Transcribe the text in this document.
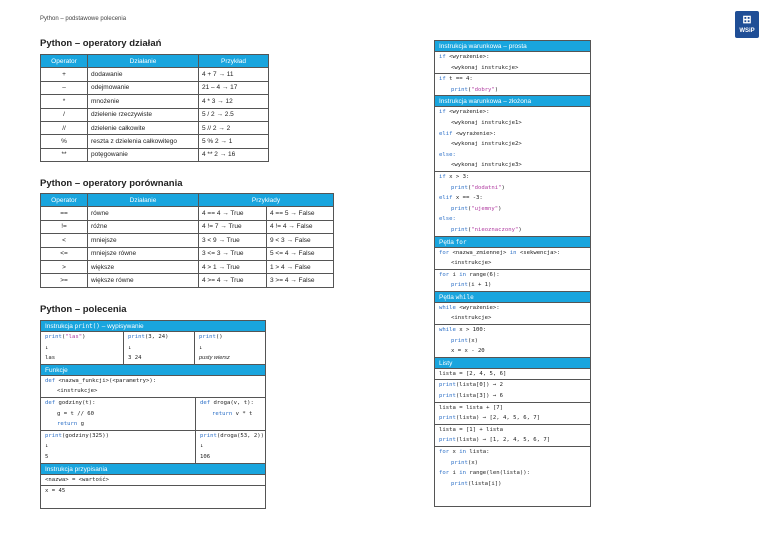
Python – podstawowe polecenia	⊞
WSiP
Python – operatory działań
Operator	Działanie	Przykład
+	dodawanie	4 + 7 → 11
–	odejmowanie	21 – 4 → 17
*	mnożenie	4 * 3 → 12
/	dzielenie rzeczywiste	5 / 2 → 2.5
//	dzielenie całkowite	5 // 2 → 2
%	reszta z dzielenia całkowitego	5 % 2 → 1
**	potęgowanie	4 ** 2 → 16
Python – operatory porównania
Operator	Działanie	Przykłady	
==	równe	4 == 4 → True	4 == 5 → False
!=	różne	4 != 7 → True	4 != 4 → False
<	mniejsze	3 < 9 → True	9 < 3 → False
<=	mniejsze równe	3 <= 3 → True	5 <= 4 → False
>	większe	4 > 1 → True	1 > 4 → False
>=	większe równe	4 >= 4 → True	3 >= 4 → False
Python – polecenia
Instrukcja print() – wypisywanie
print("las")
↓
las
print(3, 24)
↓
3 24
print()
↓
pusty wiersz
Funkcje
def <nazwa_funkcji>(<parametry>):
<instrukcje>
def godziny(t):
g = t // 60
return g
def droga(v, t):
return v * t
print(godziny(325))
↓
5
print(droga(53, 2))
↓
106
Instrukcja przypisania
<nazwa> = <wartość>
x = 45
Instrukcja warunkowa – prosta
if <wyrażenie>:
<wykonaj instrukcje>
if t == 4:
print("dobry")
Instrukcja warunkowa – złożona
if <wyrażenie>:
<wykonaj instrukcje1>
elif <wyrażenie>:
<wykonaj instrukcje2>
else:
<wykonaj instrukcje3>
if x > 3:
print("dodatni")
elif x == -3:
print("ujemny")
else:
print("nieoznaczony")
Pętla for
for <nazwa_zmiennej> in <sekwencja>:
<instrukcje>
for i in range(6):
print(i + 1)
Pętla while
while <wyrażenie>:
<instrukcje>
while x > 100:
print(x)
x = x - 20
Listy
lista = [2, 4, 5, 6]
print(lista[0]) → 2
print(lista[3]) → 6
lista = lista + [7]
print(lista) → [2, 4, 5, 6, 7]
lista = [1] + lista
print(lista) → [1, 2, 4, 5, 6, 7]
for x in lista:
print(x)
for i in range(len(lista)):
print(lista[i])
